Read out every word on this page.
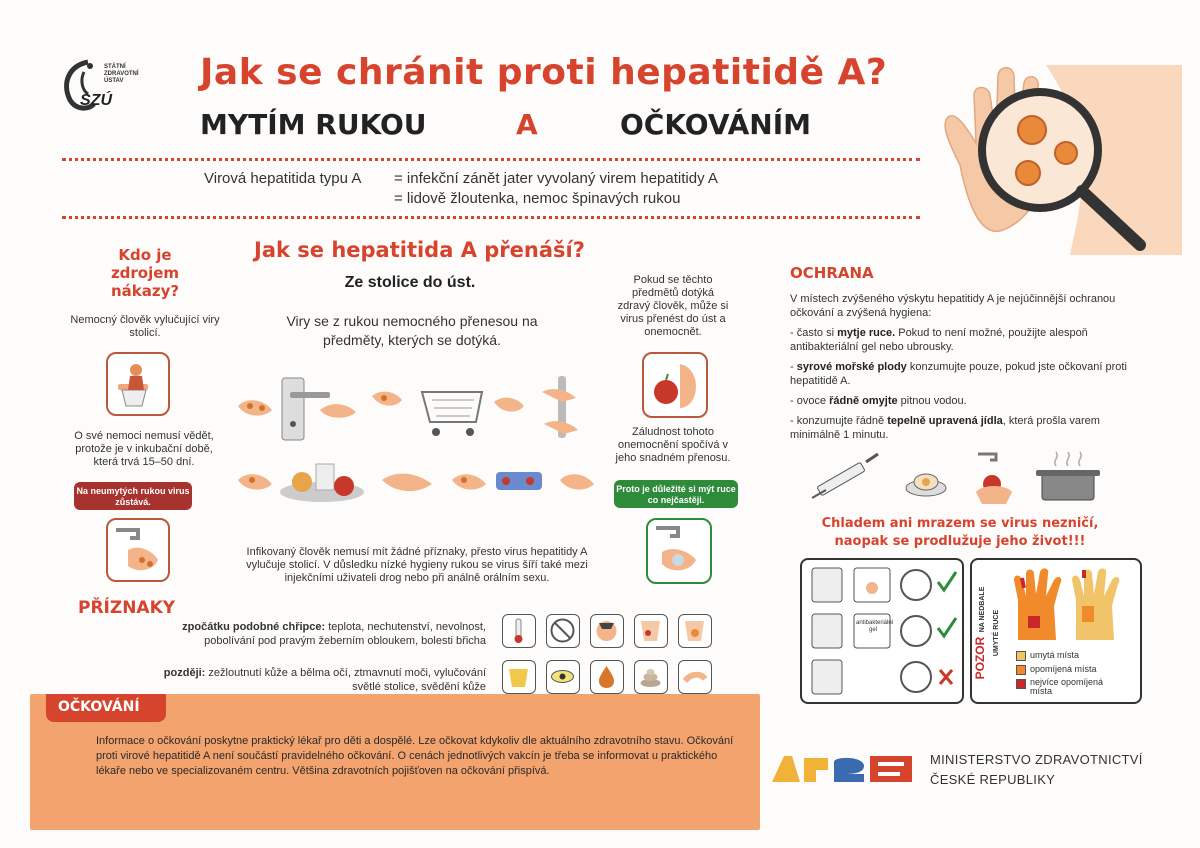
STÁTNÍ
ZDRAVOTNÍ
ÚSTAV
SZÚ
Jak se chránit proti hepatitidě A?
MYTÍM RUKOU	A	OČKOVÁNÍM
Virová hepatitida typu A = infekční zánět jater vyvolaný virem hepatitidy A
= lidově žloutenka, nemoc špinavých rukou
Kdo je zdrojem nákazy?
Nemocný člověk vylučující viry stolicí.
O své nemoci nemusí vědět, protože je v inkubační době, která trvá 15–50 dní.
Na neumytých rukou virus zůstává.
Jak se hepatitida A přenáší?
Ze stolice do úst.
Viry se z rukou nemocného přenesou na předměty, kterých se dotýká.
Infikovaný člověk nemusí mít žádné příznaky, přesto virus hepatitidy A vylučuje stolicí. V důsledku nízké hygieny rukou se virus šíří také mezi injekčními uživateli drog nebo při análně orálním sexu.
Pokud se těchto předmětů dotýká zdravý člověk, může si virus přenést do úst a onemocnět.
Záludnost tohoto onemocnění spočívá v jeho snadném přenosu.
Proto je důležité si mýt ruce co nejčastěji.
PŘÍZNAKY
zpočátku podobné chřipce: teplota, nechutenství, nevolnost, pobolívání pod pravým žeberním obloukem, bolesti břicha
později: zežloutnutí kůže a bělma očí, ztmavnutí moči, vylučování světlé stolice, svědění kůže
OČKOVÁNÍ
Informace o očkování poskytne praktický lékař pro děti a dospělé. Lze očkovat kdykoliv dle aktuálního zdravotního stavu. Očkování proti virové hepatitidě A není součástí pravidelného očkování. O cenách jednotlivých vakcín je třeba se informovat u praktického lékaře nebo ve specializovaném centru. Většina zdravotních pojišťoven na očkování přispívá.
OCHRANA
V místech zvýšeného výskytu hepatitidy A je nejúčinnější ochranou očkování a zvýšená hygiena:
- často si mytje ruce. Pokud to není možné, použijte alespoň antibakteriální gel nebo ubrousky.
- syrové mořské plody konzumujte pouze, pokud jste očkovaní proti hepatitidě A.
- ovoce řádně omyjte pitnou vodou.
- konzumujte řádně tepelně upravená jídla, která prošla varem minimálně 1 minutu.
Chladem ani mrazem se virus nezničí,
naopak se prodlužuje jeho život!!!
antibakteriální gel
POZOR NA NEDBALE
UMYTÉ RUCE	umytá místa
opomíjená místa
nejvíce opomíjená místa
MINISTERSTVO ZDRAVOTNICTVÍ
ČESKÉ REPUBLIKY
